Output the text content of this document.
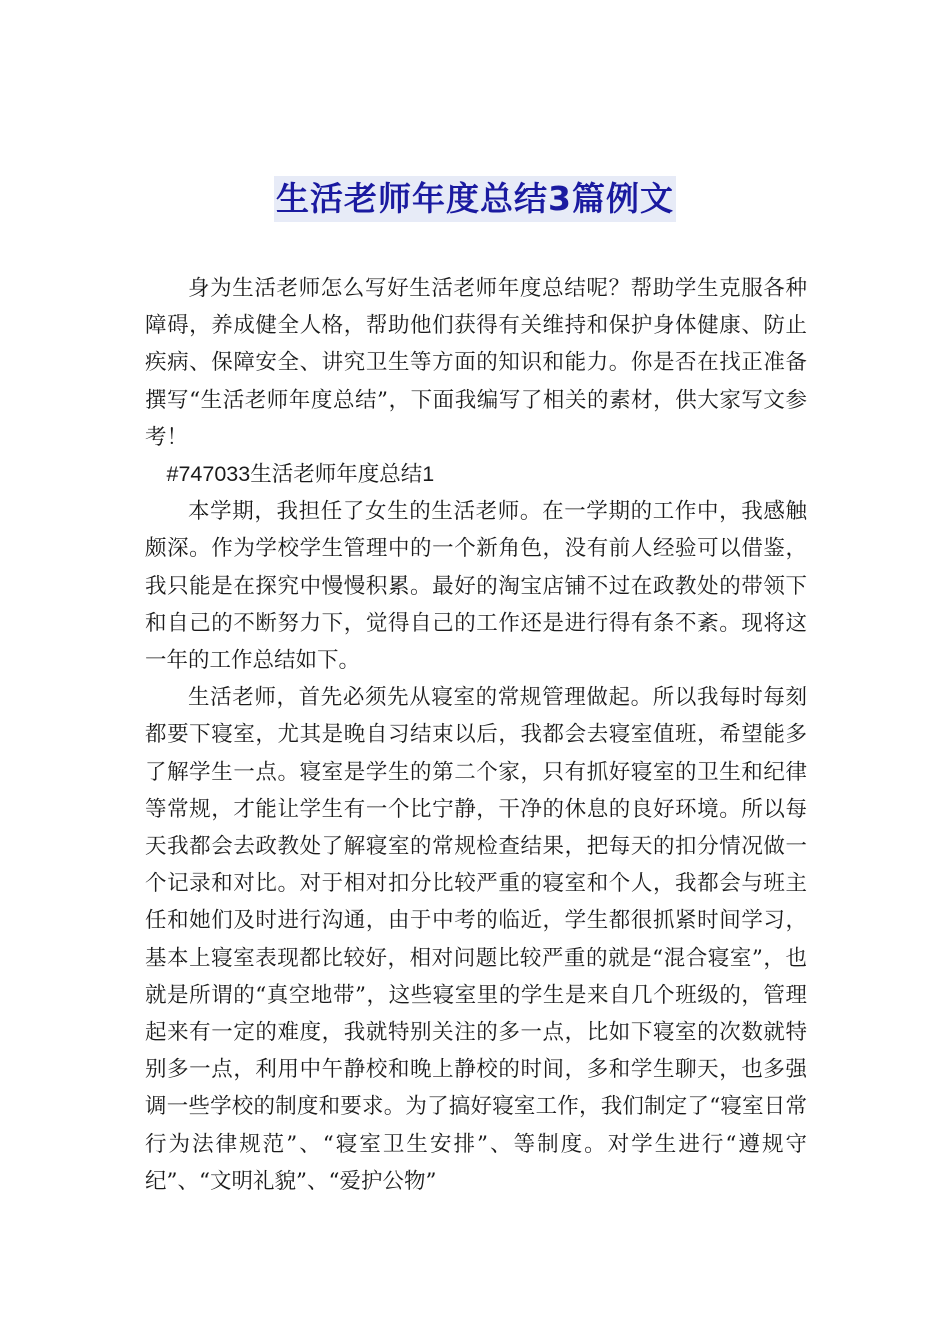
生活老师年度总结3篇例文

身为生活老师怎么写好生活老师年度总结呢？帮助学生克服各种障碍，养成健全人格，帮助他们获得有关维持和保护身体健康、防止疾病、保障安全、讲究卫生等方面的知识和能力。你是否在找正准备撰写“生活老师年度总结”，下面我编写了相关的素材，供大家写文参考！

#747033生活老师年度总结1

本学期，我担任了女生的生活老师。在一学期的工作中，我感触颇深。作为学校学生管理中的一个新角色，没有前人经验可以借鉴，我只能是在探究中慢慢积累。最好的淘宝店铺不过在政教处的带领下和自己的不断努力下，觉得自己的工作还是进行得有条不紊。现将这一年的工作总结如下。

生活老师，首先必须先从寝室的常规管理做起。所以我每时每刻都要下寝室，尤其是晚自习结束以后，我都会去寝室值班，希望能多了解学生一点。寝室是学生的第二个家，只有抓好寝室的卫生和纪律等常规，才能让学生有一个比宁静，干净的休息的良好环境。所以每天我都会去政教处了解寝室的常规检查结果，把每天的扣分情况做一个记录和对比。对于相对扣分比较严重的寝室和个人，我都会与班主任和她们及时进行沟通，由于中考的临近，学生都很抓紧时间学习，基本上寝室表现都比较好，相对问题比较严重的就是“混合寝室”，也就是所谓的“真空地带”，这些寝室里的学生是来自几个班级的，管理起来有一定的难度，我就特别关注的多一点，比如下寝室的次数就特别多一点，利用中午静校和晚上静校的时间，多和学生聊天，也多强调一些学校的制度和要求。为了搞好寝室工作，我们制定了“寝室日常行为法律规范”、“寝室卫生安排”、等制度。对学生进行“遵规守纪”、“文明礼貌”、“爱护公物”
